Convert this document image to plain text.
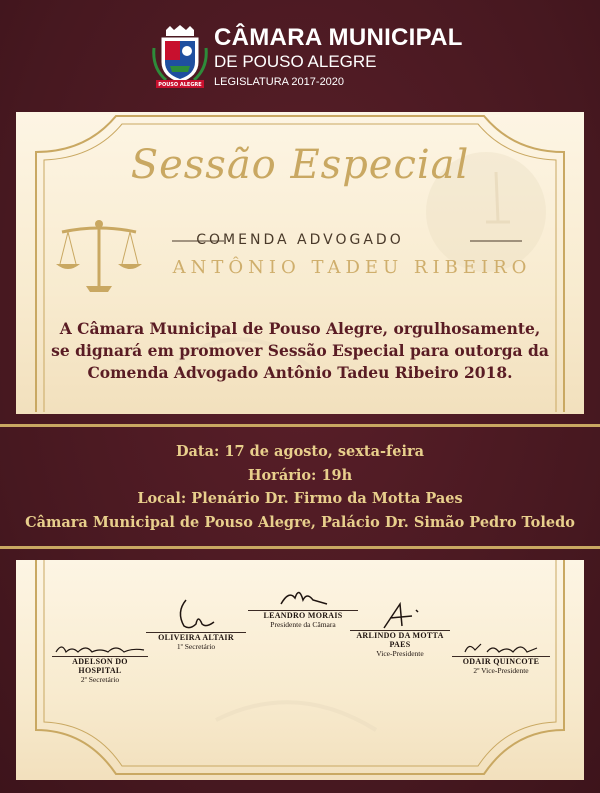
POUSO ALEGRE
CÂMARA MUNICIPAL
DE POUSO ALEGRE
LEGISLATURA 2017-2020
Sessão Especial
COMENDA ADVOGADO
ANTÔNIO TADEU RIBEIRO
A Câmara Municipal de Pouso Alegre, orgulhosamente,
se dignará em promover Sessão Especial para outorga da
Comenda Advogado Antônio Tadeu Ribeiro 2018.
Data: 17 de agosto, sexta-feira
Horário: 19h
Local: Plenário Dr. Firmo da Motta Paes
Câmara Municipal de Pouso Alegre, Palácio Dr. Simão Pedro Toledo
LEANDRO MORAIS
Presidente da Câmara
OLIVEIRA ALTAIR
1º Secretário
ARLINDO DA MOTTA PAES
Vice-Presidente
ADELSON DO HOSPITAL
2º Secretário
ODAIR QUINCOTE
2º Vice-Presidente
